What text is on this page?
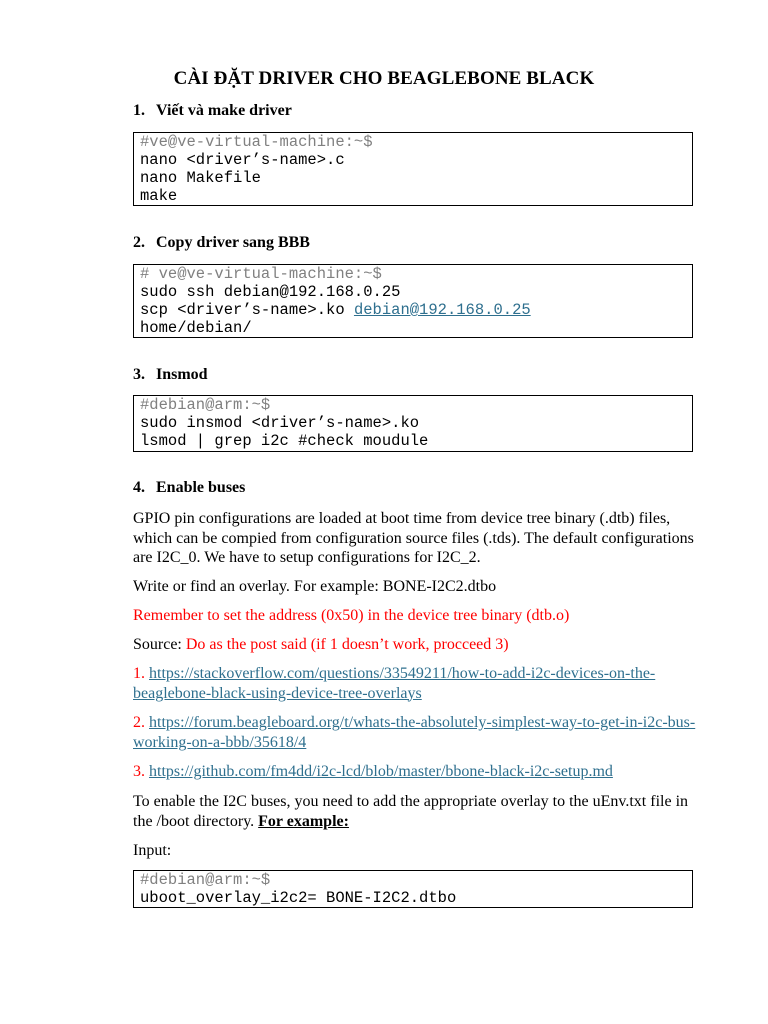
CÀI ĐẶT DRIVER CHO BEAGLEBONE BLACK
1. Viết và make driver
#ve@ve-virtual-machine:~$
nano <driver’s-name>.c
nano Makefile
make
2. Copy driver sang BBB
# ve@ve-virtual-machine:~$
sudo ssh debian@192.168.0.25
scp <driver’s-name>.ko debian@192.168.0.25
home/debian/
3. Insmod
#debian@arm:~$
sudo insmod <driver’s-name>.ko
lsmod | grep i2c #check moudule
4. Enable buses
GPIO pin configurations are loaded at boot time from device tree binary (.dtb) files, which can be compied from configuration source files (.tds). The default configurations are I2C_0. We have to setup configurations for I2C_2.
Write or find an overlay. For example: BONE-I2C2.dtbo
Remember to set the address (0x50) in the device tree binary (dtb.o)
Source: Do as the post said (if 1 doesn’t work, procceed 3)
1. https://stackoverflow.com/questions/33549211/how-to-add-i2c-devices-on-the-beaglebone-black-using-device-tree-overlays
2. https://forum.beagleboard.org/t/whats-the-absolutely-simplest-way-to-get-in-i2c-bus-working-on-a-bbb/35618/4
3. https://github.com/fm4dd/i2c-lcd/blob/master/bbone-black-i2c-setup.md
To enable the I2C buses, you need to add the appropriate overlay to the uEnv.txt file in the /boot directory. For example:
Input:
#debian@arm:~$
uboot_overlay_i2c2= BONE-I2C2.dtbo
